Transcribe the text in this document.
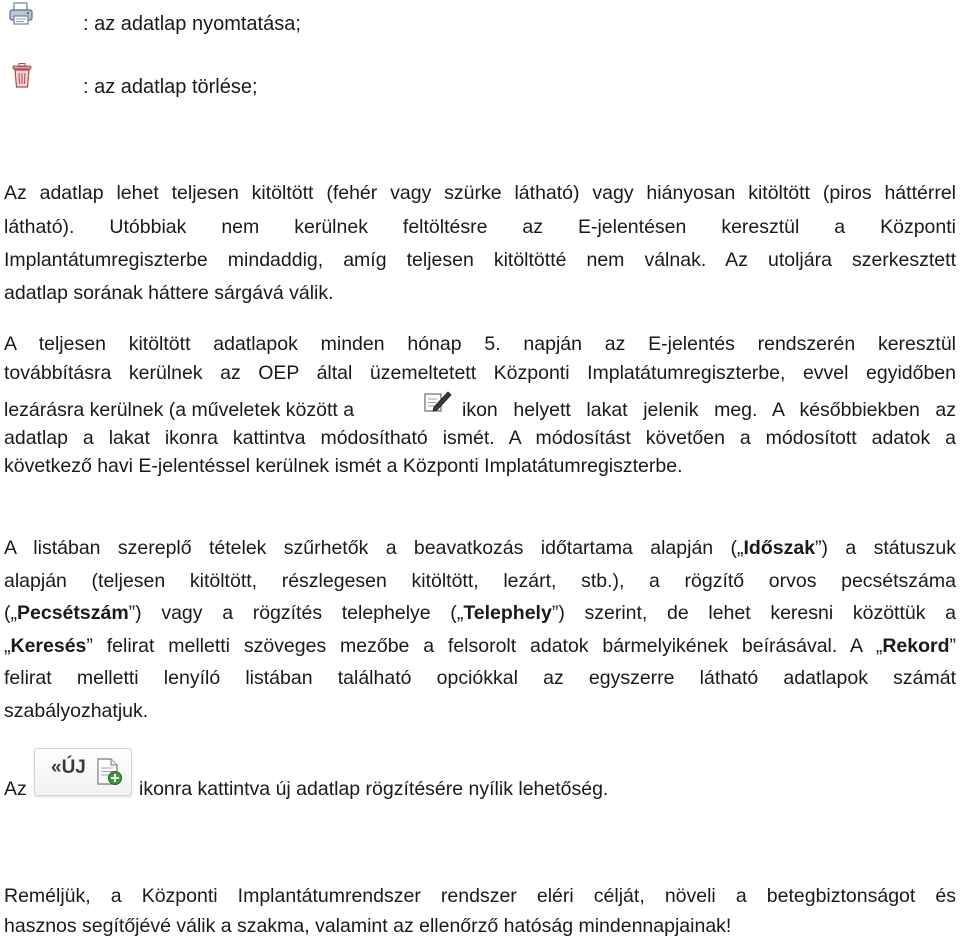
: az adatlap nyomtatása;
: az adatlap törlése;
Az adatlap lehet teljesen kitöltött (fehér vagy szürke látható) vagy hiányosan kitöltött (piros háttérrel
látható). Utóbbiak nem kerülnek feltöltésre az E-jelentésen keresztül a Központi
Implantátumregiszterbe mindaddig, amíg teljesen kitöltötté nem válnak. Az utoljára szerkesztett
adatlap sorának háttere sárgává válik.
A teljesen kitöltött adatlapok minden hónap 5. napján az E-jelentés rendszerén keresztül
továbbításra kerülnek az OEP által üzemeltetett Központi Implatátumregiszterbe, evvel egyidőben
lezárásra kerülnek (a műveletek között a	ikon helyett lakat jelenik meg. A későbbiekben az
adatlap a lakat ikonra kattintva módosítható ismét. A módosítást követően a módosított adatok a
következő havi E-jelentéssel kerülnek ismét a Központi Implatátumregiszterbe.
A listában szereplő tételek szűrhetők a beavatkozás időtartama alapján („Időszak”) a státuszuk
alapján (teljesen kitöltött, részlegesen kitöltött, lezárt, stb.), a rögzítő orvos pecsétszáma
(„Pecsétszám”) vagy a rögzítés telephelye („Telephely”) szerint, de lehet keresni közöttük a
„Keresés” felirat melletti szöveges mezőbe a felsorolt adatok bármelyikének beírásával. A „Rekord”
felirat melletti lenyíló listában található opciókkal az egyszerre látható adatlapok számát
szabályozhatjuk.
Az
«ÚJ
ikonra kattintva új adatlap rögzítésére nyílik lehetőség.
Reméljük, a Központi Implantátumrendszer rendszer eléri célját, növeli a betegbiztonságot és
hasznos segítőjévé válik a szakma, valamint az ellenőrző hatóság mindennapjainak!
